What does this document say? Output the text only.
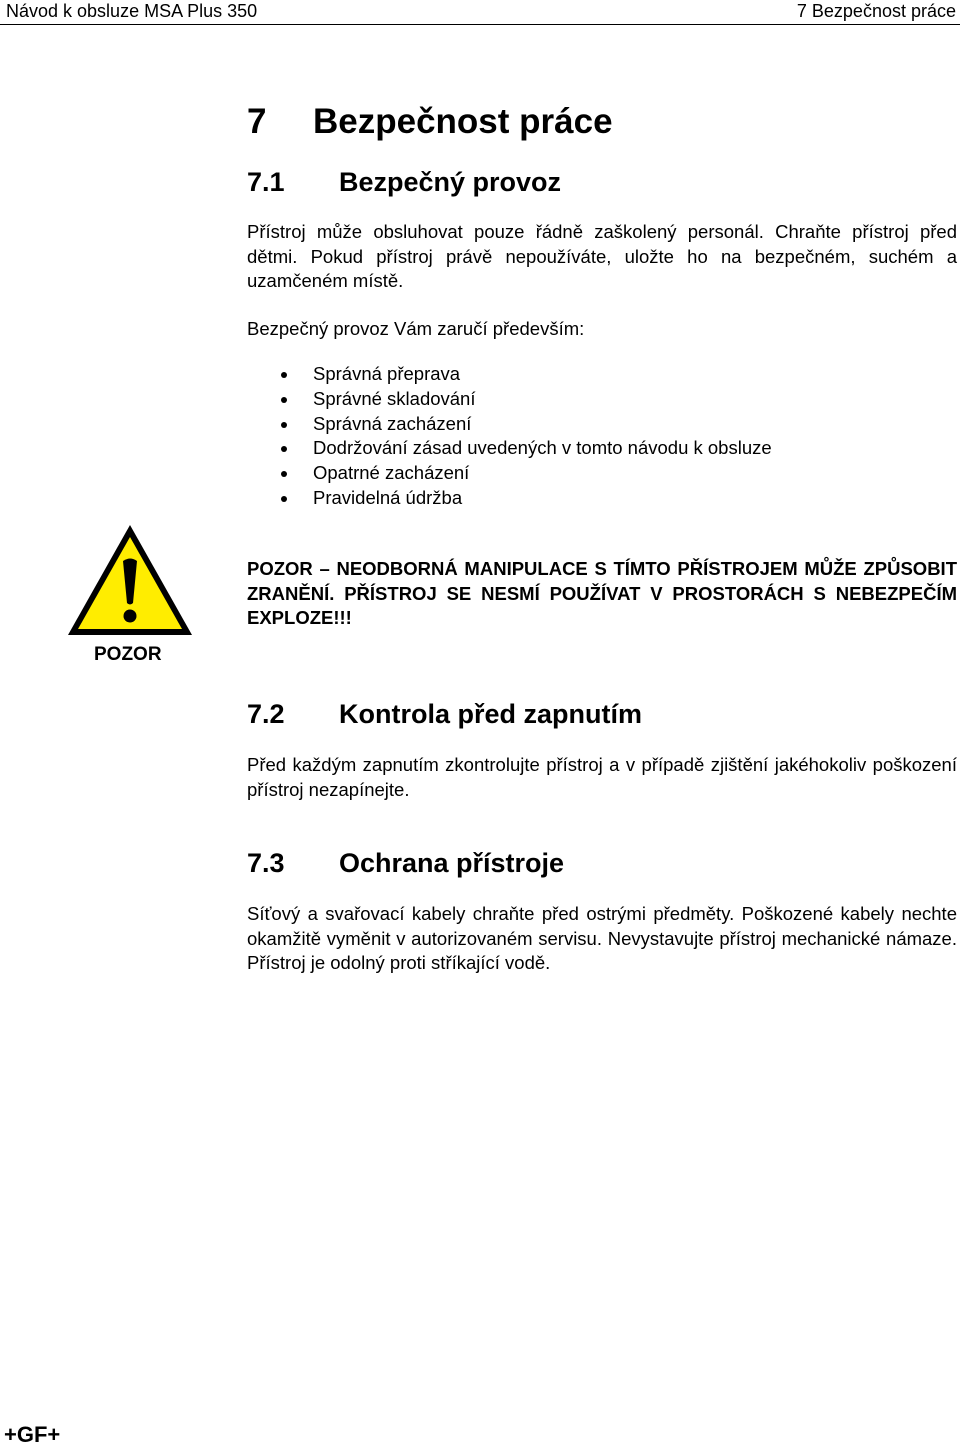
Návod k obsluze MSA Plus 350	7 Bezpečnost práce
7 Bezpečnost práce
7.1 Bezpečný provoz
Přístroj může obsluhovat pouze řádně zaškolený personál. Chraňte přístroj před dětmi. Pokud přístroj právě nepoužíváte, uložte ho na bezpečném, suchém a uzamčeném místě.
Bezpečný provoz Vám zaručí především:
Správná přeprava
Správné skladování
Správná zacházení
Dodržování zásad uvedených v tomto návodu k obsluze
Opatrné zacházení
Pravidelná údržba
POZOR
POZOR – NEODBORNÁ MANIPULACE S TÍMTO PŘÍSTROJEM MŮŽE ZPŮSOBIT ZRANĚNÍ. PŘÍSTROJ SE NESMÍ POUŽÍVAT V PROSTORÁCH S NEBEZPEČÍM EXPLOZE!!!
7.2 Kontrola před zapnutím
Před každým zapnutím zkontrolujte přístroj a v případě zjištění jakéhokoliv poškození přístroj nezapínejte.
7.3 Ochrana přístroje
Síťový a svařovací kabely chraňte před ostrými předměty. Poškozené kabely nechte okamžitě vyměnit v autorizovaném servisu. Nevystavujte přístroj mechanické námaze. Přístroj je odolný proti stříkající vodě.
+GF+
